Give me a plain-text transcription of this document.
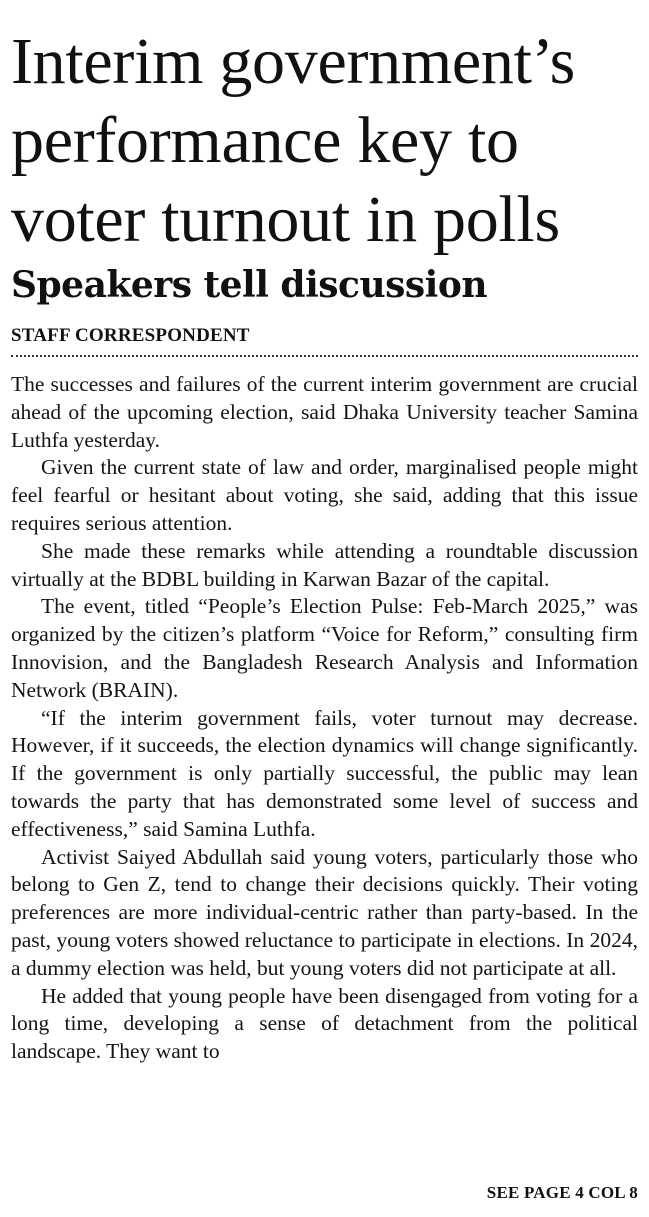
Interim government’s performance key to voter turnout in polls
Speakers tell discussion
STAFF CORRESPONDENT

The successes and failures of the current interim government are crucial ahead of the upcoming election, said Dhaka University teacher Samina Luthfa yesterday.

Given the current state of law and order, marginalised people might feel fearful or hesitant about voting, she said, adding that this issue requires serious attention.

She made these remarks while attending a roundtable discussion virtually at the BDBL building in Karwan Bazar of the capital.

The event, titled “People’s Election Pulse: Feb-March 2025,” was organized by the citizen’s platform “Voice for Reform,” consulting firm Innovision, and the Bangladesh Research Analysis and Information Network (BRAIN).

“If the interim government fails, voter turnout may decrease. However, if it succeeds, the election dynamics will change significantly. If the government is only partially successful, the public may lean towards the party that has demonstrated some level of success and effectiveness,” said Samina Luthfa.

Activist Saiyed Abdullah said young voters, particularly those who belong to Gen Z, tend to change their decisions quickly. Their voting preferences are more individual-centric rather than party-based. In the past, young voters showed reluctance to participate in elections. In 2024, a dummy election was held, but young voters did not participate at all.

He added that young people have been disengaged from voting for a long time, developing a sense of detachment from the political landscape. They want to

SEE PAGE 4 COL 8
